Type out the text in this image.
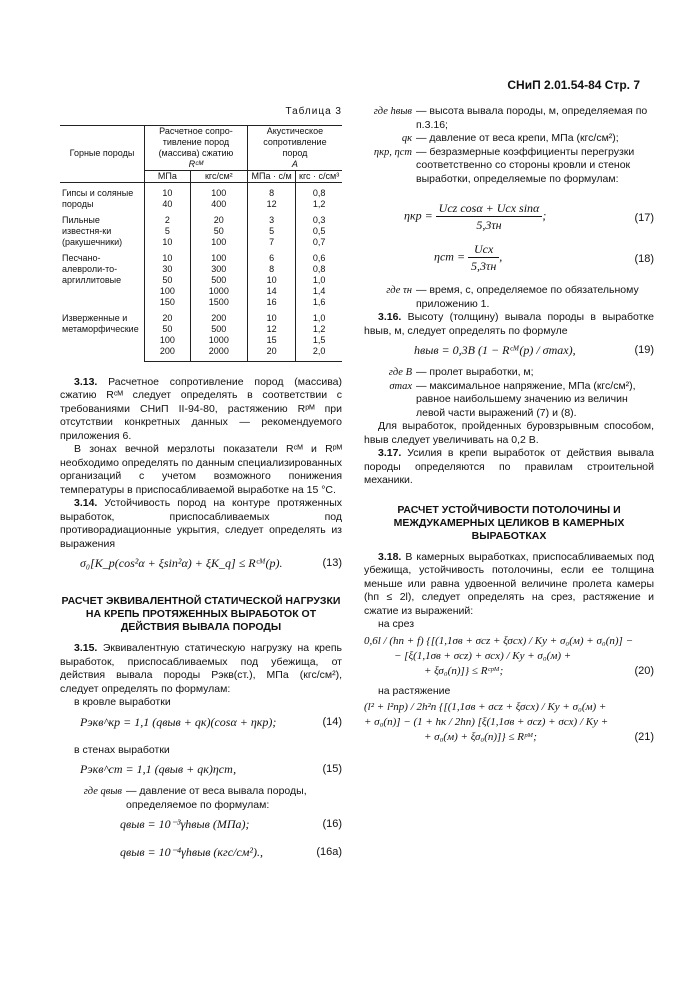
СНиП 2.01.54-84 Стр. 7
Таблица 3
Горные породы	Расчетное сопро-тивление пород (массива) сжатию
Rᶜᴹ		Акустическое сопротивление пород
A	
	МПа	кгс/см²	МПа · с/м	кгс · с/см³
Гипсы и соляные породы	10	100	8	0,8
	40	400	12	1,2
Пильные известня-ки (ракушечники)	2	20	3	0,3
	5	50	5	0,5
	10	100	7	0,7
Песчано-алевроли-то-аргиллитовые	10	100	6	0,6
	30	300	8	0,8
	50	500	10	1,0
	100	1000	14	1,4
	150	1500	16	1,6
Изверженные и метаморфические	20	200	10	1,0
	50	500	12	1,2
	100	1000	15	1,5
	200	2000	20	2,0

3.13. Расчетное сопротивление пород (массива) сжатию Rᶜᴹ следует определять в соответствии с требованиями СНиП II-94-80, растяжению Rᵖᴹ при отсутствии конкретных данных — рекомендуемого приложения 6.

В зонах вечной мерзлоты показатели Rᶜᴹ и Rᵖᴹ необходимо определять по данным специализированных организаций с учетом возможного понижения температуры в приспосабливаемой выработке на 15 °С.

3.14. Устойчивость пород на контуре протяженных выработок, приспосабливаемых под противорадиационные укрытия, следует определять из выражения

σ₀[K_p(cos²α + ξsin²α) + ξK_q] ≤ Rᶜᴹ(р).	(13)
РАСЧЕТ ЭКВИВАЛЕНТНОЙ СТАТИЧЕСКОЙ НАГРУЗКИ НА КРЕПЬ ПРОТЯЖЕННЫХ ВЫРАБОТОК ОТ ДЕЙСТВИЯ ВЫВАЛА ПОРОДЫ

3.15. Эквивалентную статическую нагрузку на крепь выработок, приспосабливаемых под убежища, от действия вывала породы Pэкв(ст.), МПа (кгс/см²), следует определять по формулам:

в кровле выработки
Pэкв^кр = 1,1 (qвыв + qк)(cosα + ηкр);	(14)
в стенах выработки
Pэкв^ст = 1,1 (qвыв + qк)ηст,	(15)
где qвыв — давление от веса вывала породы, определяемое по формулам:
qвыв = 10⁻³γhвыв (МПа);	(16)
qвыв = 10⁻⁴γhвыв (кгс/см²).,	(16а)
где hвыв — высота вывала породы, м, определяемая по п.3.16;
qк — давление от веса крепи, МПа (кгс/см²);
ηкр, ηст — безразмерные коэффициенты перегрузки соответственно со стороны кровли и стенок выработки, определяемые по формулам:
$\eta кр = \frac{\text{Ucz cosα + Ucx sinα}}{5,3\tau н}$ ;	(17)
$\eta ст = \frac{\text{Ucx}}{5,3\tau н}$ ,	(18)
где τн — время, с, определяемое по обязательному приложению 1.

3.16. Высоту (толщину) вывала породы в выработке hвыв, м, следует определять по формуле

hвыв = 0,3B (1 − Rᶜᴹ(р) / σmax),	(19)
где B — пролет выработки, м;
σmax — максимальное напряжение, МПа (кгс/см²), равное наибольшему значению из величин левой части выражений (7) и (8).

Для выработок, пройденных буровзрывным способом, hвыв следует увеличивать на 0,2 B.

3.17. Усилия в крепи выработок от действия вывала породы определяются по правилам строительной механики.

РАСЧЕТ УСТОЙЧИВОСТИ ПОТОЛОЧИНЫ И МЕЖДУКАМЕРНЫХ ЦЕЛИКОВ В КАМЕРНЫХ ВЫРАБОТКАХ

3.18. В камерных выработках, приспосабливаемых под убежища, устойчивость потолочины, если ее толщина меньше или равна удвоенной величине пролета камеры (hп ≤ 2l), следует определять на срез, растяжение и сжатие из выражений:

на срез
0,6l / (hп + f) {[(1,1σв + σcz + ξσcx) / Kу + σ₀(м) + σ₀(п)] −
− [ξ(1,1σв + σcz) + σcx) / Kу + σ₀(м) +
+ ξσ₀(п)]} ≤ Rᶜᵖᴹ;	(20)
на растяжение
(l² + l²пр) / 2h²п {[(1,1σв + σcz + ξσcx) / Kу + σ₀(м) +
+ σ₀(п)] − (1 + hк / 2hп) [ξ(1,1σв + σcz) + σcx) / Kу +
+ σ₀(м) + ξσ₀(п)]} ≤ Rᵖᴹ;	(21)
